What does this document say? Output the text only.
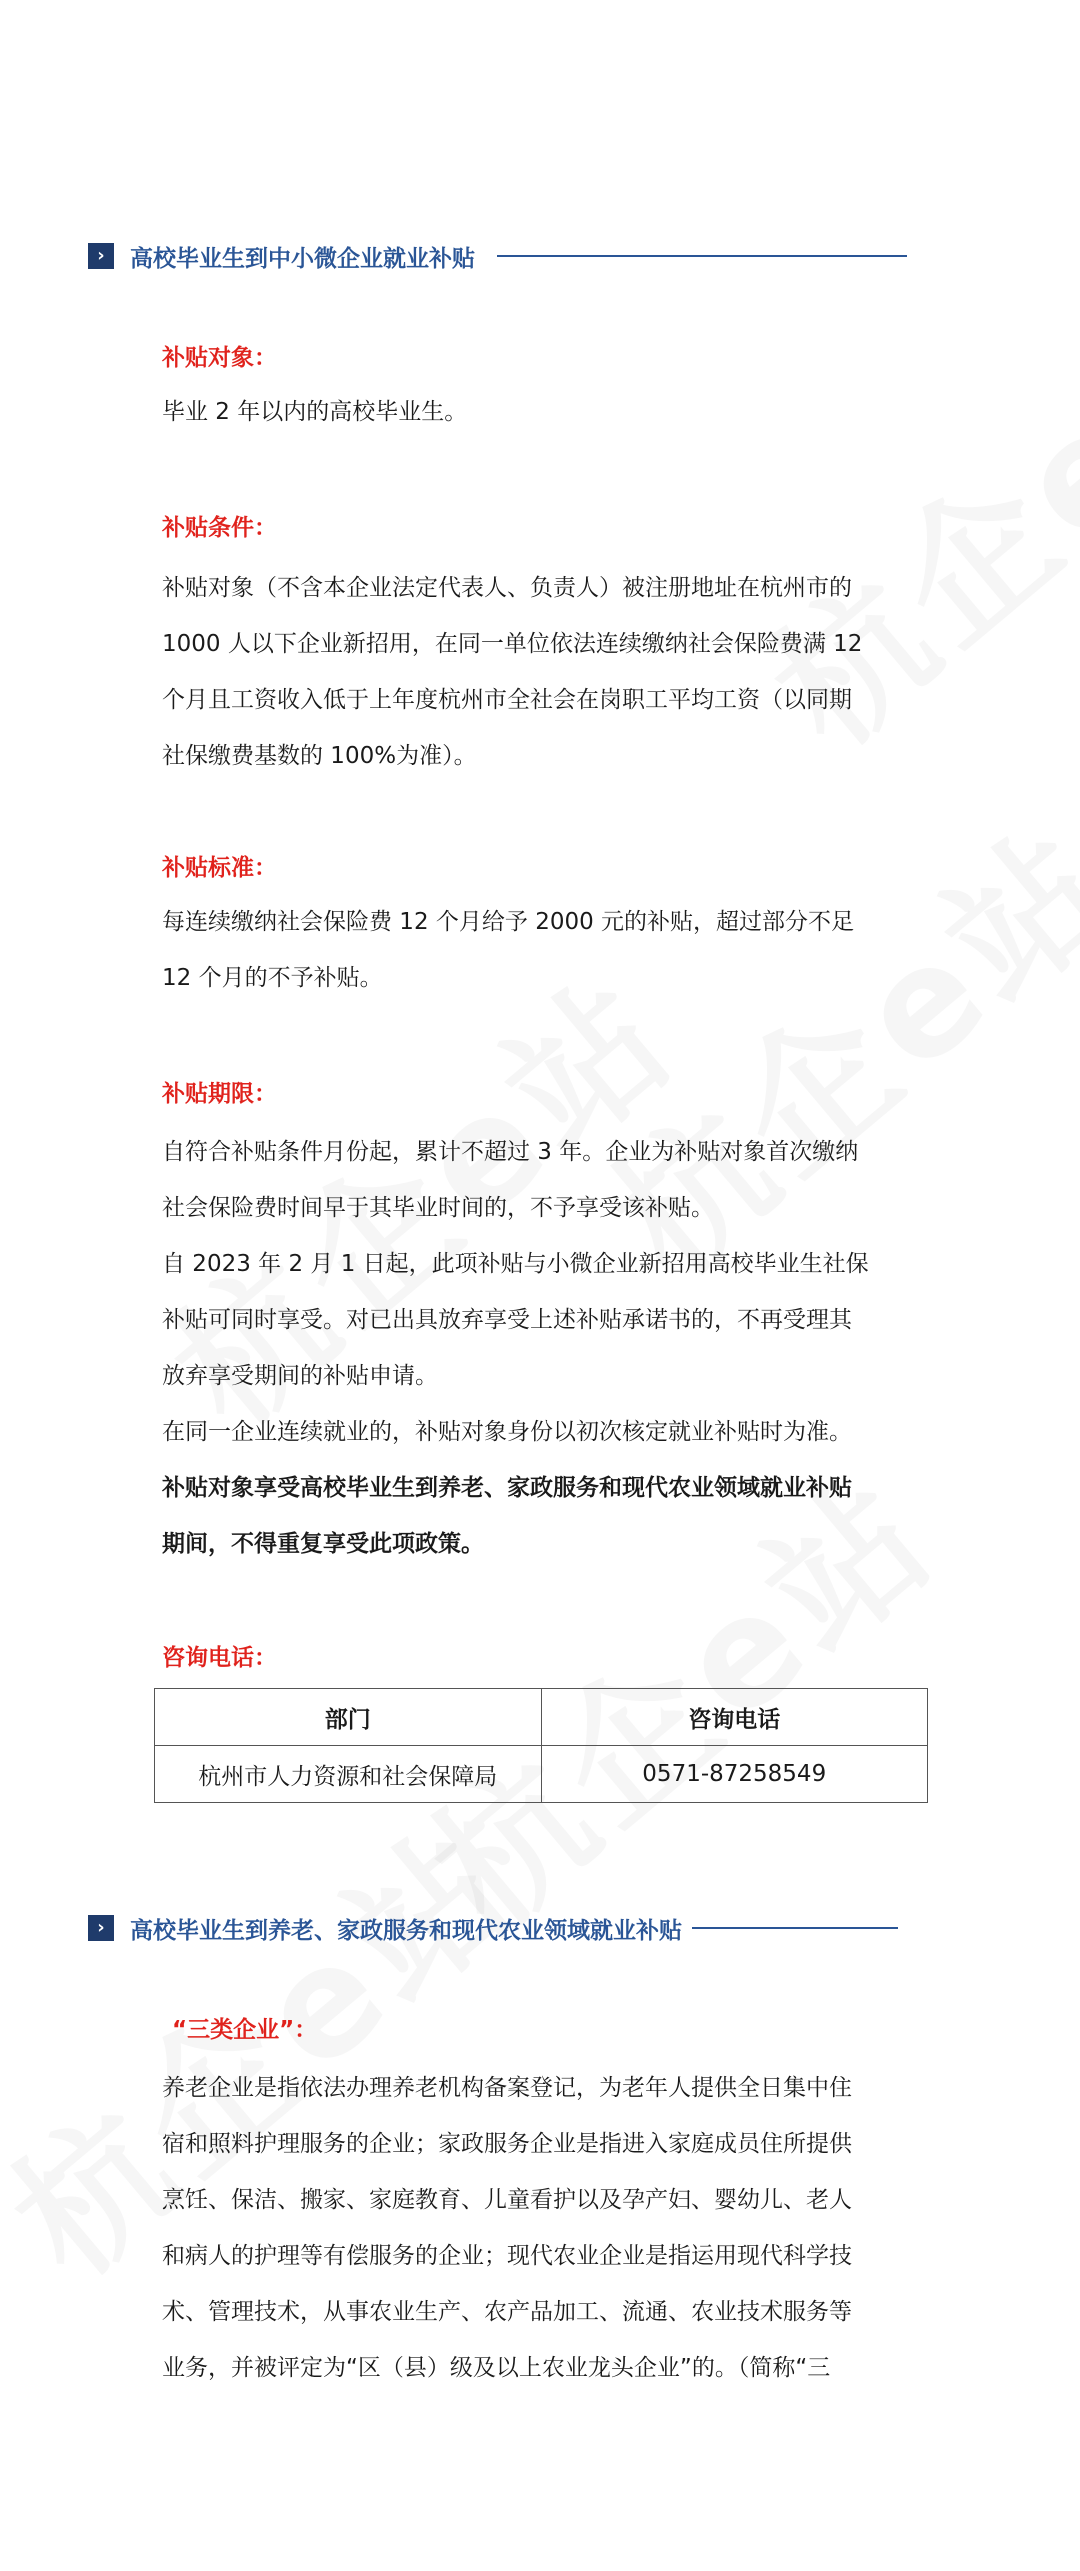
›	高校毕业生到中小微企业就业补贴
补贴对象：

毕业 2 年以内的高校毕业生。

补贴条件：

补贴对象（不含本企业法定代表人、负责人）被注册地址在杭州市的

1000 人以下企业新招用，在同一单位依法连续缴纳社会保险费满 12

个月且工资收入低于上年度杭州市全社会在岗职工平均工资（以同期

社保缴费基数的 100%为准）。

补贴标准：

每连续缴纳社会保险费 12 个月给予 2000 元的补贴，超过部分不足

12 个月的不予补贴。

补贴期限：

自符合补贴条件月份起，累计不超过 3 年。企业为补贴对象首次缴纳

社会保险费时间早于其毕业时间的，不予享受该补贴。

自 2023 年 2 月 1 日起，此项补贴与小微企业新招用高校毕业生社保

补贴可同时享受。对已出具放弃享受上述补贴承诺书的，不再受理其

放弃享受期间的补贴申请。

在同一企业连续就业的，补贴对象身份以初次核定就业补贴时为准。

补贴对象享受高校毕业生到养老、家政服务和现代农业领域就业补贴

期间，不得重复享受此项政策。

咨询电话：
部门	咨询电话
杭州市人力资源和社会保障局	0571-87258549
›	高校毕业生到养老、家政服务和现代农业领域就业补贴
“三类企业”：

养老企业是指依法办理养老机构备案登记，为老年人提供全日集中住

宿和照料护理服务的企业；家政服务企业是指进入家庭成员住所提供

烹饪、保洁、搬家、家庭教育、儿童看护以及孕产妇、婴幼儿、老人

和病人的护理等有偿服务的企业；现代农业企业是指运用现代科学技

术、管理技术，从事农业生产、农产品加工、流通、农业技术服务等

业务，并被评定为“区（县）级及以上农业龙头企业”的。（简称“三
